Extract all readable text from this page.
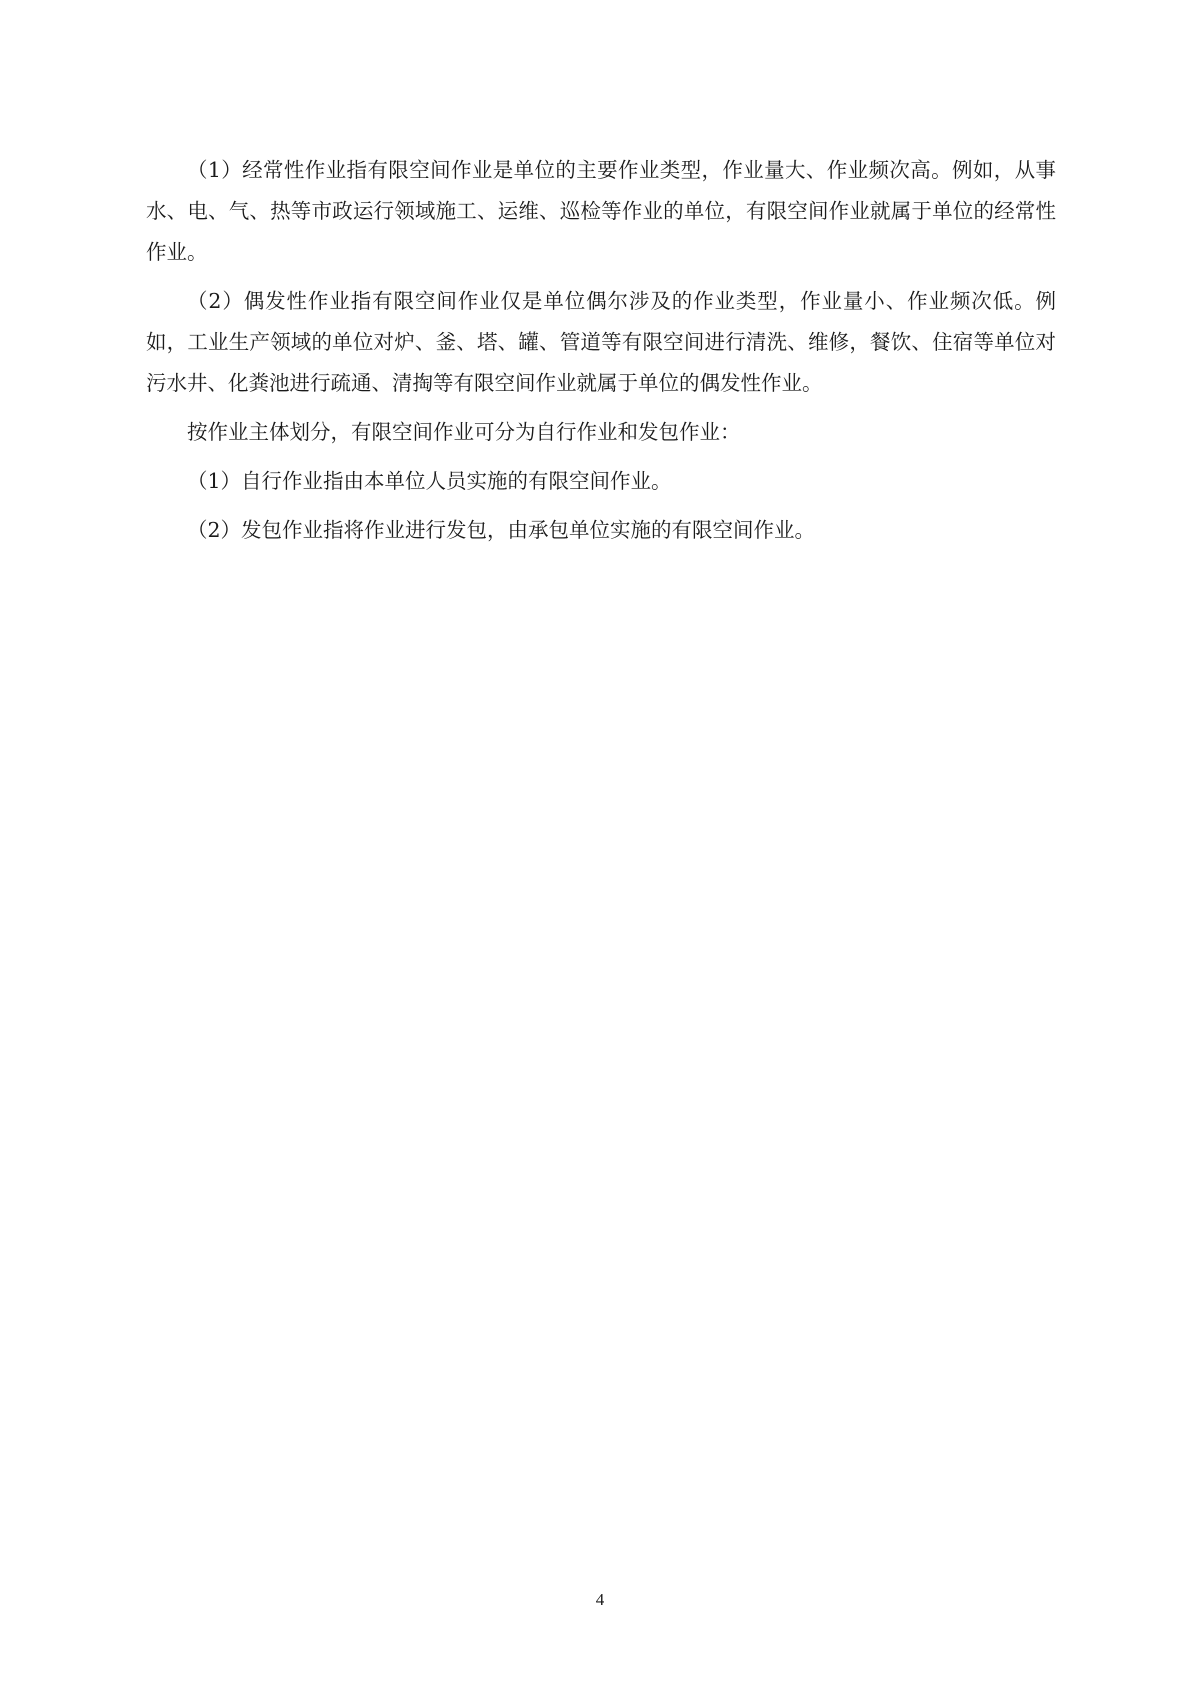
（1）经常性作业指有限空间作业是单位的主要作业类型，作业量大、作业频次高。例如，从事水、电、气、热等市政运行领域施工、运维、巡检等作业的单位，有限空间作业就属于单位的经常性作业。

（2）偶发性作业指有限空间作业仅是单位偶尔涉及的作业类型，作业量小、作业频次低。例如，工业生产领域的单位对炉、釜、塔、罐、管道等有限空间进行清洗、维修，餐饮、住宿等单位对污水井、化粪池进行疏通、清掏等有限空间作业就属于单位的偶发性作业。

按作业主体划分，有限空间作业可分为自行作业和发包作业：

（1）自行作业指由本单位人员实施的有限空间作业。

（2）发包作业指将作业进行发包，由承包单位实施的有限空间作业。

4
